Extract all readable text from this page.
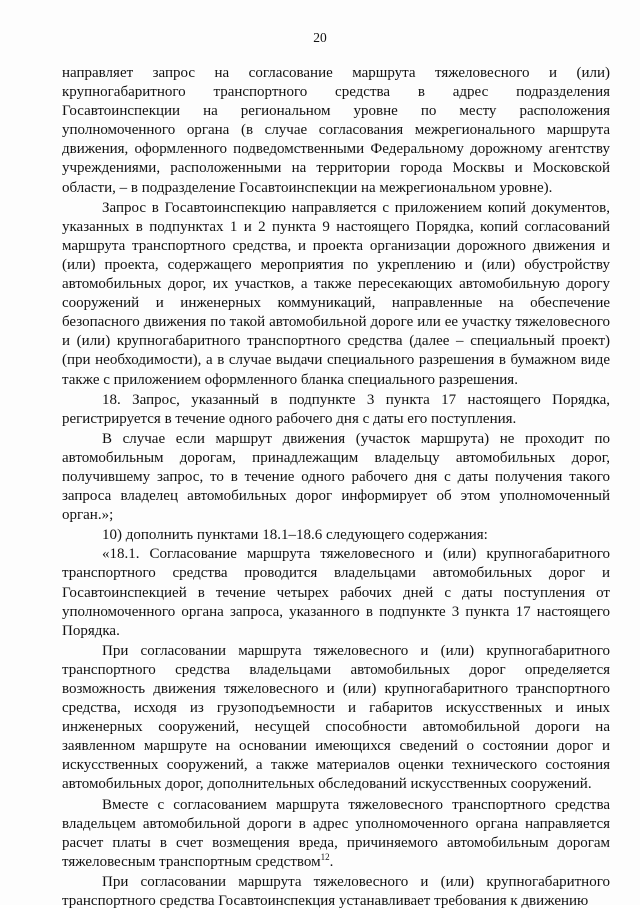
20

направляет запрос на согласование маршрута тяжеловесного и (или) крупногабаритного транспортного средства в адрес подразделения Госавтоинспекции на региональном уровне по месту расположения уполномоченного органа (в случае согласования межрегионального маршрута движения, оформленного подведомственными Федеральному дорожному агентству учреждениями, расположенными на территории города Москвы и Московской области, – в подразделение Госавтоинспекции на межрегиональном уровне).

Запрос в Госавтоинспекцию направляется с приложением копий документов, указанных в подпунктах 1 и 2 пункта 9 настоящего Порядка, копий согласований маршрута транспортного средства, и проекта организации дорожного движения и (или) проекта, содержащего мероприятия по укреплению и (или) обустройству автомобильных дорог, их участков, а также пересекающих автомобильную дорогу сооружений и инженерных коммуникаций, направленные на обеспечение безопасного движения по такой автомобильной дороге или ее участку тяжеловесного и (или) крупногабаритного транспортного средства (далее – специальный проект) (при необходимости), а в случае выдачи специального разрешения в бумажном виде также с приложением оформленного бланка специального разрешения.

18. Запрос, указанный в подпункте 3 пункта 17 настоящего Порядка, регистрируется в течение одного рабочего дня с даты его поступления.

В случае если маршрут движения (участок маршрута) не проходит по автомобильным дорогам, принадлежащим владельцу автомобильных дорог, получившему запрос, то в течение одного рабочего дня с даты получения такого запроса владелец автомобильных дорог информирует об этом уполномоченный орган.»;

10) дополнить пунктами 18.1–18.6 следующего содержания:

«18.1. Согласование маршрута тяжеловесного и (или) крупногабаритного транспортного средства проводится владельцами автомобильных дорог и Госавтоинспекцией в течение четырех рабочих дней с даты поступления от уполномоченного органа запроса, указанного в подпункте 3 пункта 17 настоящего Порядка.

При согласовании маршрута тяжеловесного и (или) крупногабаритного транспортного средства владельцами автомобильных дорог определяется возможность движения тяжеловесного и (или) крупногабаритного транспортного средства, исходя из грузоподъемности и габаритов искусственных и иных инженерных сооружений, несущей способности автомобильной дороги на заявленном маршруте на основании имеющихся сведений о состоянии дорог и искусственных сооружений, а также материалов оценки технического состояния автомобильных дорог, дополнительных обследований искусственных сооружений.

Вместе с согласованием маршрута тяжеловесного транспортного средства владельцем автомобильной дороги в адрес уполномоченного органа направляется расчет платы в счет возмещения вреда, причиняемого автомобильным дорогам тяжеловесным транспортным средством$^{12}$.

При согласовании маршрута тяжеловесного и (или) крупногабаритного транспортного средства Госавтоинспекция устанавливает требования к движению
